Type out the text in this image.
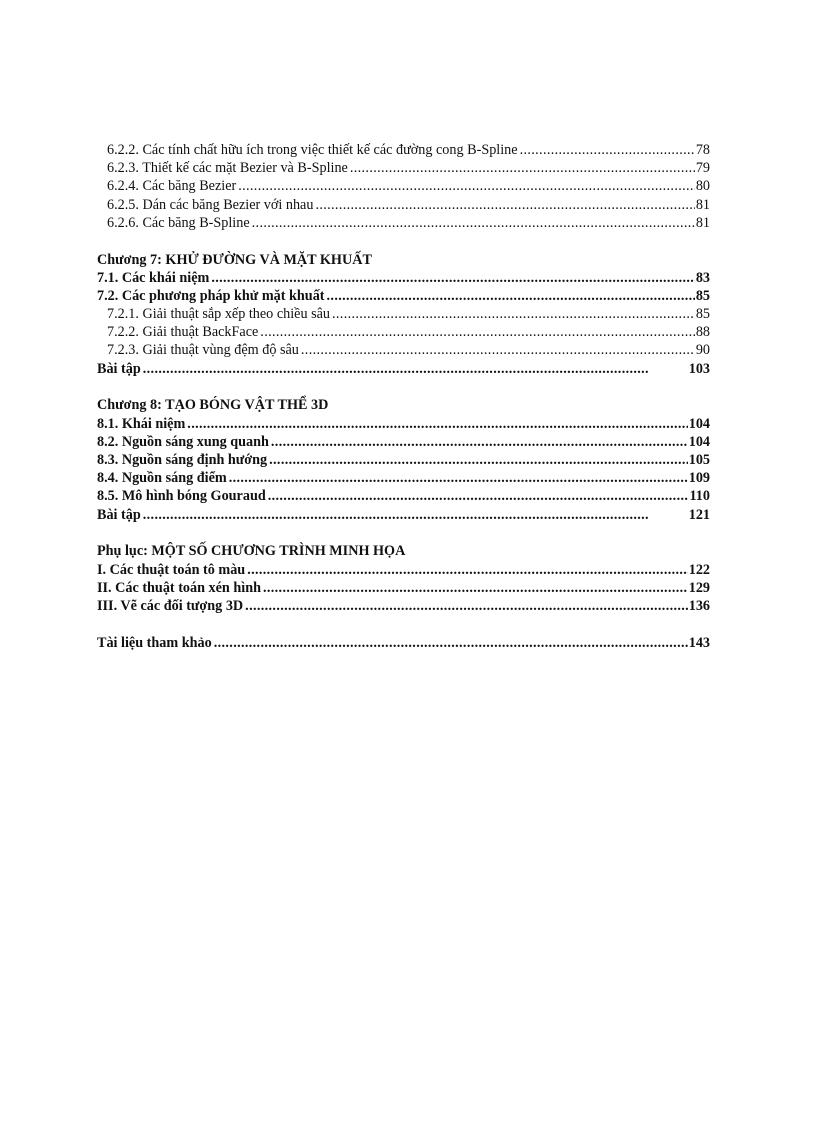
6.2.2. Các tính chất hữu ích trong việc thiết kế các đường cong B-Spline . . .	78
6.2.3. Thiết kế các mặt Bezier và B-Spline . . .	79
6.2.4. Các băng Bezier . . .	80
6.2.5. Dán các băng Bezier với nhau . . .	81
6.2.6. Các băng B-Spline . . .	81
Chương 7: KHỬ ĐƯỜNG VÀ MẶT KHUẤT
7.1. Các khái niệm . . .	83
7.2. Các phương pháp khử mặt khuất . . .	85
7.2.1. Giải thuật sắp xếp theo chiều sâu . . .	85
7.2.2. Giải thuật BackFace . . .	88
7.2.3. Giải thuật vùng đệm độ sâu . . .	90
Bài tập . . .	103
Chương 8: TẠO BÓNG VẬT THỂ 3D
8.1. Khái niệm . . .	104
8.2. Nguồn sáng xung quanh . . .	104
8.3. Nguồn sáng định hướng . . .	105
8.4. Nguồn sáng điểm . . .	109
8.5. Mô hình bóng Gouraud . . .	110
Bài tập . . .	121
Phụ lục: MỘT SỐ CHƯƠNG TRÌNH MINH HỌA
I. Các thuật toán tô màu . . .	122
II. Các thuật toán xén hình . . .	129
III. Vẽ các đối tượng 3D . . .	136
Tài liệu tham khảo . . .	143
